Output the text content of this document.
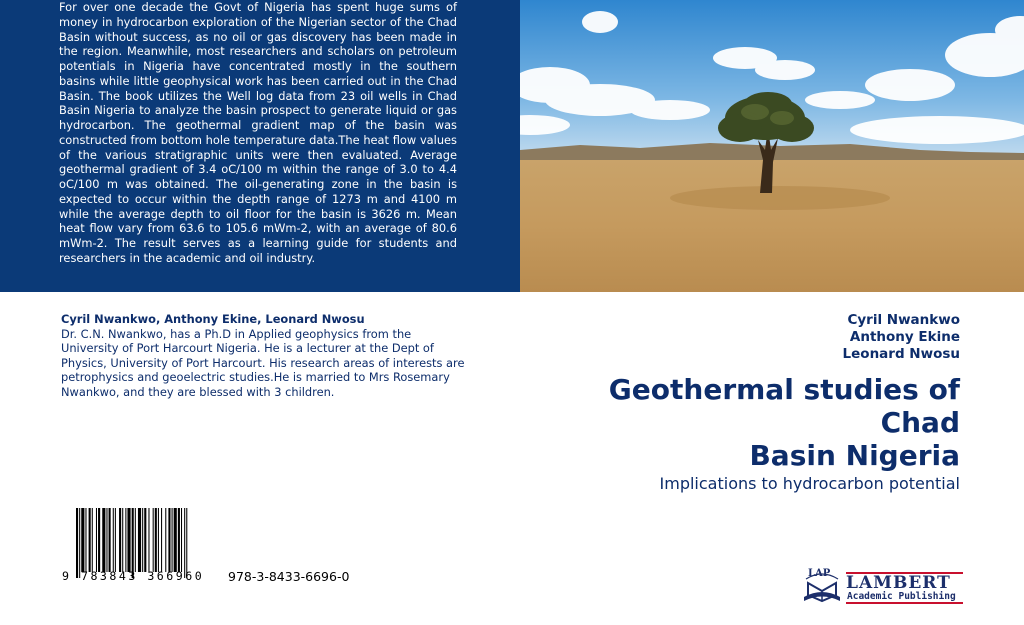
For over one decade the Govt of Nigeria has spent huge sums of money in hydrocarbon exploration of the Nigerian sector of the Chad Basin without success, as no oil or gas discovery has been made in the region. Meanwhile, most researchers and scholars on petroleum potentials in Nigeria have concentrated mostly in the southern basins while little geophysical work has been carried out in the Chad Basin. The book utilizes the Well log data from 23 oil wells in Chad Basin Nigeria to analyze the basin prospect to generate liquid or gas hydrocarbon. The geothermal gradient map of the basin was constructed from bottom hole temperature data.The heat flow values of the various stratigraphic units were then evaluated. Average geothermal gradient of 3.4 oC/100 m within the range of 3.0 to 4.4 oC/100 m was obtained. The oil-generating zone in the basin is expected to occur within the depth range of 1273 m and 4100 m while the average depth to oil floor for the basin is 3626 m. Mean heat flow vary from 63.6 to 105.6 mWm-2, with an average of 80.6 mWm-2. The result serves as a learning guide for students and researchers in the academic and oil industry.

Cyril Nwankwo, Anthony Ekine, Leonard Nwosu
Dr. C.N. Nwankwo, has a Ph.D in Applied geophysics from the University of Port Harcourt Nigeria. He is a lecturer at the Dept of Physics, University of Port Harcourt. His research areas of interests are petrophysics and geoelectric studies.He is married to Mrs Rosemary Nwankwo, and they are blessed with 3 children.
Cyril Nwankwo
Anthony Ekine
Leonard Nwosu
Geothermal studies of Chad
Basin Nigeria
Implications to hydrocarbon potential
9 783843 366960	978-3-8433-6696-0	LAP LAMBERT
Academic Publishing
